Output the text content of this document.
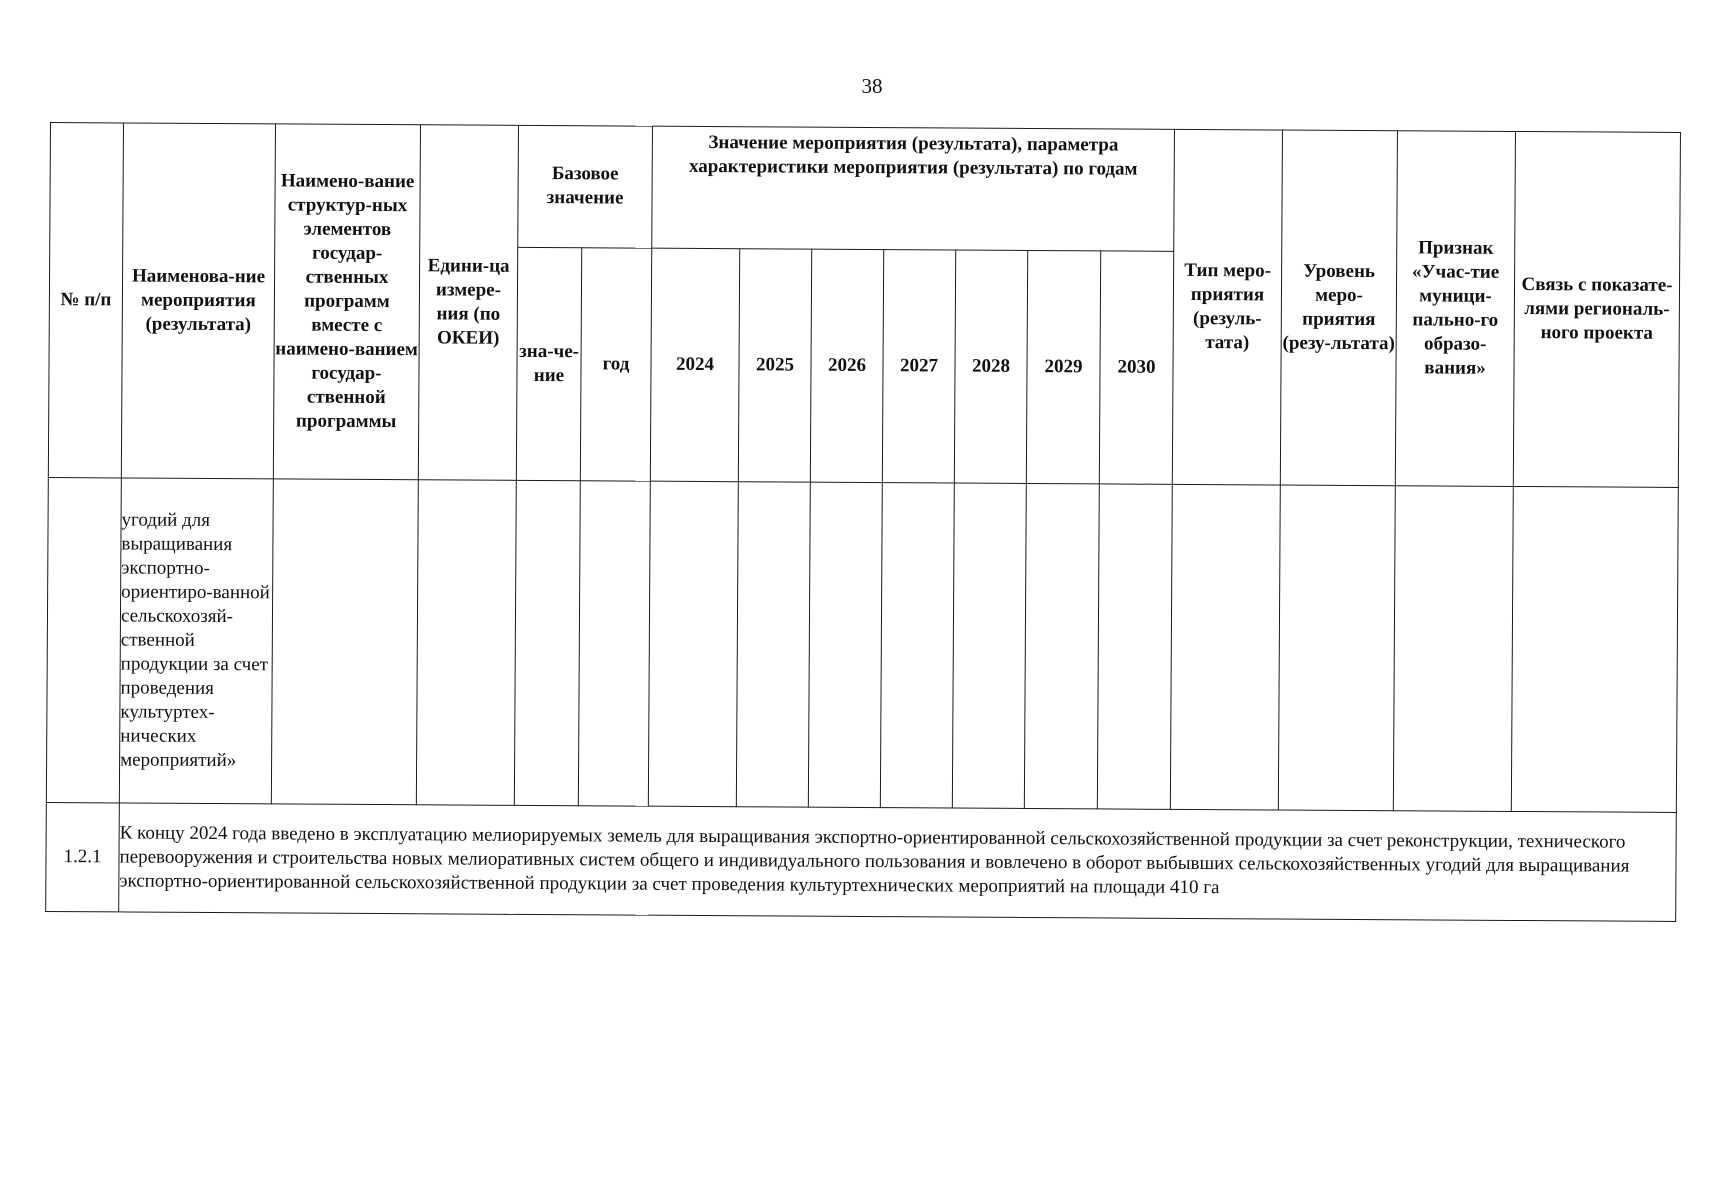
38
№ п/п	Наименова-ние мероприятия (результата)	Наимено-вание структур-ных элементов государ-ственных программ вместе с наимено-ванием государ-ственной программы	Едини-ца измере-ния (по ОКЕИ)	Базовое значение		Значение мероприятия (результата), параметра характеристики мероприятия (результата) по годам							Тип меро-приятия (резуль-тата)	Уровень меро-приятия (резу-льтата)	Признак «Учас-тие муници-пально-го образо-вания»	Связь с показате-лями региональ-ного проекта
				зна-че-ние	год	2024	2025	2026	2027	2028	2029	2030				
	угодий для выращивания экспортно-ориентиро-ванной сельскохозяй-ственной продукции за счет проведения культуртех-нических мероприятий»															
1.2.1	К концу 2024 года введено в эксплуатацию мелиорируемых земель для выращивания экспортно-ориентированной сельскохозяйственной продукции за счет реконструкции, технического перевооружения и строительства новых мелиоративных систем общего и индивидуального пользования и вовлечено в оборот выбывших сельскохозяйственных угодий для выращивания экспортно-ориентированной сельскохозяйственной продукции за счет проведения культуртехнических мероприятий на площади 410 га															
